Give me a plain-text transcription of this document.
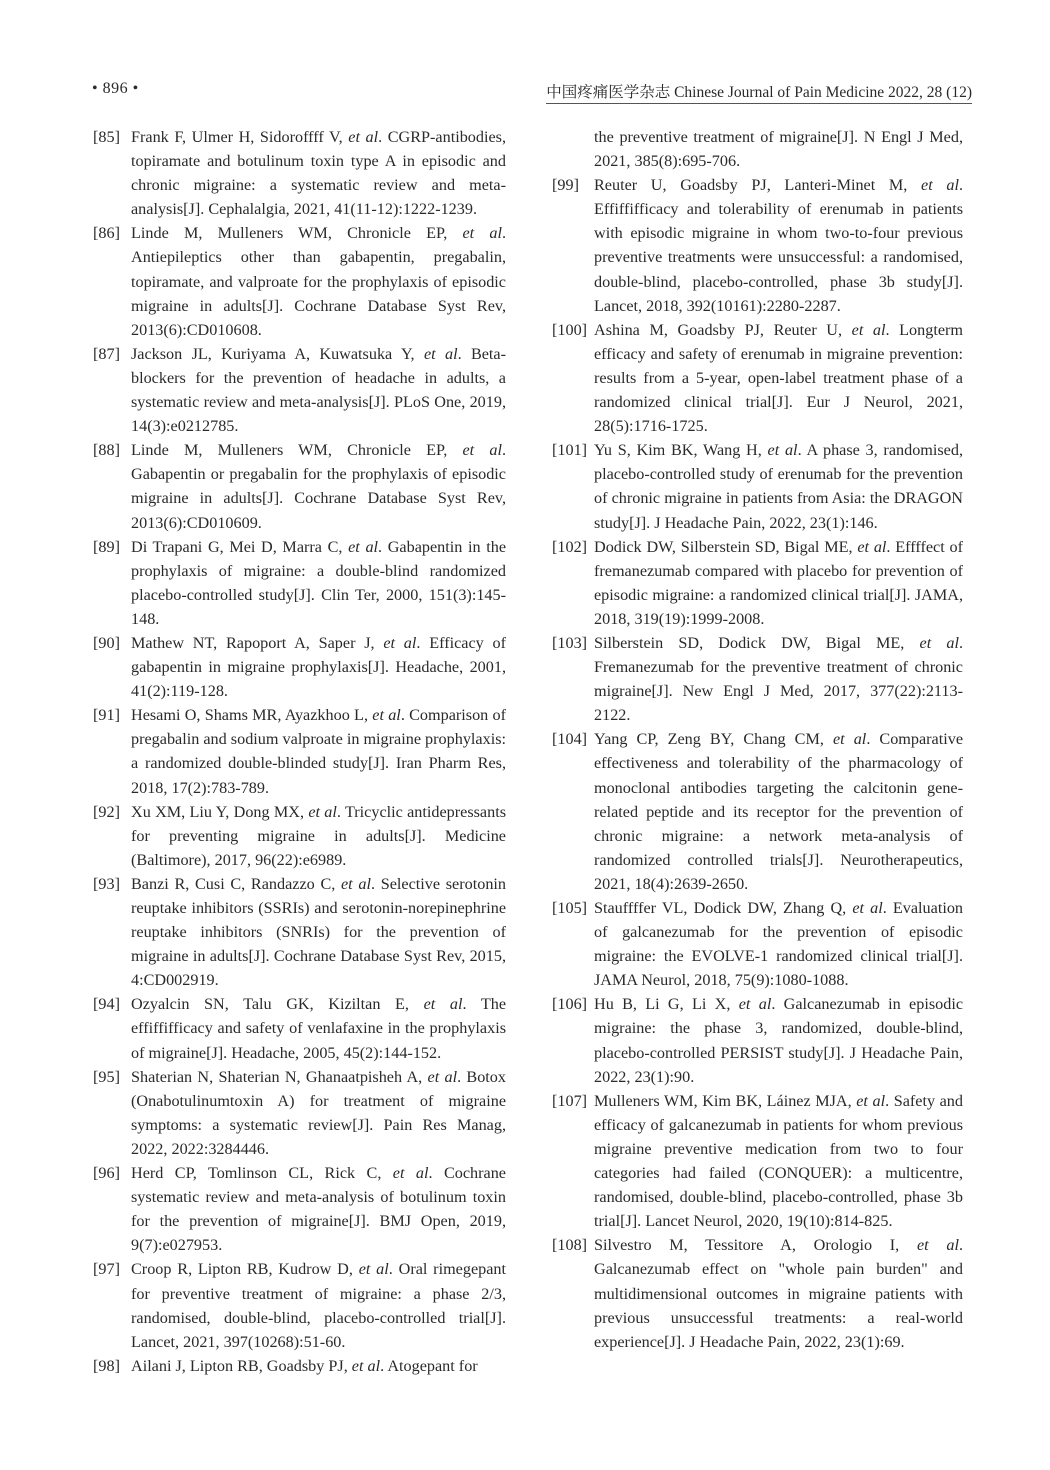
• 896 •	中国疼痛医学杂志 Chinese Journal of Pain Medicine 2022, 28 (12)
[85] Frank F, Ulmer H, Sidoroffff V, et al. CGRP-antibodies, topiramate and botulinum toxin type A in episodic and chronic migraine: a systematic review and meta-analysis[J]. Cephalalgia, 2021, 41(11-12):1222-1239.
[86] Linde M, Mulleners WM, Chronicle EP, et al. Antiepileptics other than gabapentin, pregabalin, topiramate, and valproate for the prophylaxis of episodic migraine in adults[J]. Cochrane Database Syst Rev, 2013(6):CD010608.
[87] Jackson JL, Kuriyama A, Kuwatsuka Y, et al. Beta-blockers for the prevention of headache in adults, a systematic review and meta-analysis[J]. PLoS One, 2019, 14(3):e0212785.
[88] Linde M, Mulleners WM, Chronicle EP, et al. Gabapentin or pregabalin for the prophylaxis of episodic migraine in adults[J]. Cochrane Database Syst Rev, 2013(6):CD010609.
[89] Di Trapani G, Mei D, Marra C, et al. Gabapentin in the prophylaxis of migraine: a double-blind randomized placebo-controlled study[J]. Clin Ter, 2000, 151(3):145-148.
[90] Mathew NT, Rapoport A, Saper J, et al. Efficacy of gabapentin in migraine prophylaxis[J]. Headache, 2001, 41(2):119-128.
[91] Hesami O, Shams MR, Ayazkhoo L, et al. Comparison of pregabalin and sodium valproate in migraine prophylaxis: a randomized double-blinded study[J]. Iran Pharm Res, 2018, 17(2):783-789.
[92] Xu XM, Liu Y, Dong MX, et al. Tricyclic antidepressants for preventing migraine in adults[J]. Medicine (Baltimore), 2017, 96(22):e6989.
[93] Banzi R, Cusi C, Randazzo C, et al. Selective serotonin reuptake inhibitors (SSRIs) and serotonin-norepinephrine reuptake inhibitors (SNRIs) for the prevention of migraine in adults[J]. Cochrane Database Syst Rev, 2015, 4:CD002919.
[94] Ozyalcin SN, Talu GK, Kiziltan E, et al. The effiffifficacy and safety of venlafaxine in the prophylaxis of migraine[J]. Headache, 2005, 45(2):144-152.
[95] Shaterian N, Shaterian N, Ghanaatpisheh A, et al. Botox (Onabotulinumtoxin A) for treatment of migraine symptoms: a systematic review[J]. Pain Res Manag, 2022, 2022:3284446.
[96] Herd CP, Tomlinson CL, Rick C, et al. Cochrane systematic review and meta-analysis of botulinum toxin for the prevention of migraine[J]. BMJ Open, 2019, 9(7):e027953.
[97] Croop R, Lipton RB, Kudrow D, et al. Oral rimegepant for preventive treatment of migraine: a phase 2/3, randomised, double-blind, placebo-controlled trial[J]. Lancet, 2021, 397(10268):51-60.
[98] Ailani J, Lipton RB, Goadsby PJ, et al. Atogepant for
the preventive treatment of migraine[J]. N Engl J Med, 2021, 385(8):695-706.
[99] Reuter U, Goadsby PJ, Lanteri-Minet M, et al. Effiffifficacy and tolerability of erenumab in patients with episodic migraine in whom two-to-four previous preventive treatments were unsuccessful: a randomised, double-blind, placebo-controlled, phase 3b study[J]. Lancet, 2018, 392(10161):2280-2287.
[100] Ashina M, Goadsby PJ, Reuter U, et al. Longterm efficacy and safety of erenumab in migraine prevention: results from a 5-year, open-label treatment phase of a randomized clinical trial[J]. Eur J Neurol, 2021, 28(5):1716-1725.
[101] Yu S, Kim BK, Wang H, et al. A phase 3, randomised, placebo-controlled study of erenumab for the prevention of chronic migraine in patients from Asia: the DRAGON study[J]. J Headache Pain, 2022, 23(1):146.
[102] Dodick DW, Silberstein SD, Bigal ME, et al. Effffect of fremanezumab compared with placebo for prevention of episodic migraine: a randomized clinical trial[J]. JAMA, 2018, 319(19):1999-2008.
[103] Silberstein SD, Dodick DW, Bigal ME, et al. Fremanezumab for the preventive treatment of chronic migraine[J]. New Engl J Med, 2017, 377(22):2113-2122.
[104] Yang CP, Zeng BY, Chang CM, et al. Comparative effectiveness and tolerability of the pharmacology of monoclonal antibodies targeting the calcitonin gene-related peptide and its receptor for the prevention of chronic migraine: a network meta-analysis of randomized controlled trials[J]. Neurotherapeutics, 2021, 18(4):2639-2650.
[105] Stauffffer VL, Dodick DW, Zhang Q, et al. Evaluation of galcanezumab for the prevention of episodic migraine: the EVOLVE-1 randomized clinical trial[J]. JAMA Neurol, 2018, 75(9):1080-1088.
[106] Hu B, Li G, Li X, et al. Galcanezumab in episodic migraine: the phase 3, randomized, double-blind, placebo-controlled PERSIST study[J]. J Headache Pain, 2022, 23(1):90.
[107] Mulleners WM, Kim BK, Láinez MJA, et al. Safety and efficacy of galcanezumab in patients for whom previous migraine preventive medication from two to four categories had failed (CONQUER): a multicentre, randomised, double-blind, placebo-controlled, phase 3b trial[J]. Lancet Neurol, 2020, 19(10):814-825.
[108] Silvestro M, Tessitore A, Orologio I, et al. Galcanezumab effect on "whole pain burden" and multidimensional outcomes in migraine patients with previous unsuccessful treatments: a real-world experience[J]. J Headache Pain, 2022, 23(1):69.
